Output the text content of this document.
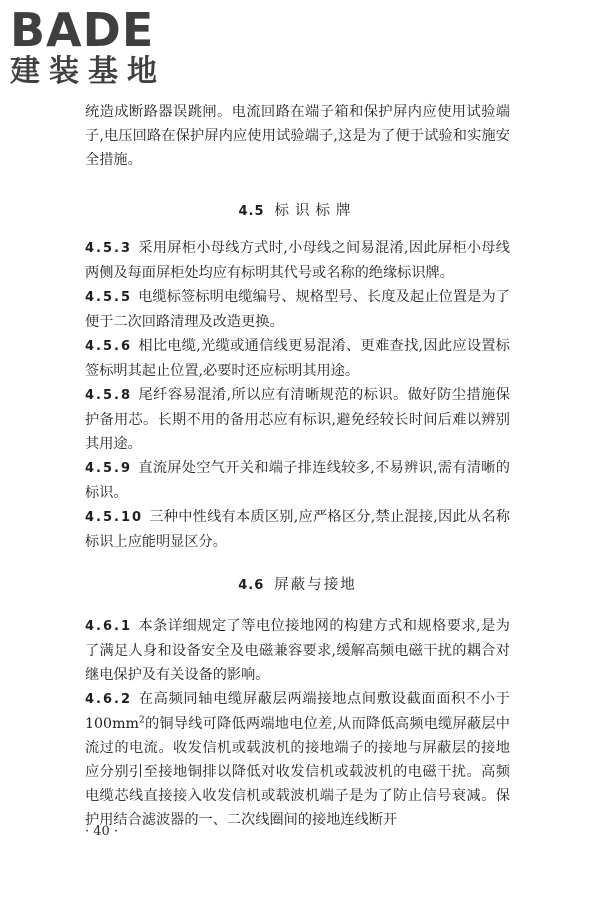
BADE
建装基地

统造成断路器误跳闸。电流回路在端子箱和保护屏内应使用试验端子,电压回路在保护屏内应使用试验端子,这是为了便于试验和实施安全措施。

4.5 标识标牌

4.5.3 采用屏柜小母线方式时,小母线之间易混淆,因此屏柜小母线两侧及每面屏柜处均应有标明其代号或名称的绝缘标识牌。

4.5.5 电缆标签标明电缆编号、规格型号、长度及起止位置是为了便于二次回路清理及改造更换。

4.5.6 相比电缆,光缆或通信线更易混淆、更难查找,因此应设置标签标明其起止位置,必要时还应标明其用途。

4.5.8 尾纤容易混淆,所以应有清晰规范的标识。做好防尘措施保护备用芯。长期不用的备用芯应有标识,避免经较长时间后难以辨别其用途。

4.5.9 直流屏处空气开关和端子排连线较多,不易辨识,需有清晰的标识。

4.5.10 三种中性线有本质区别,应严格区分,禁止混接,因此从名称标识上应能明显区分。

4.6 屏蔽与接地

4.6.1 本条详细规定了等电位接地网的构建方式和规格要求,是为了满足人身和设备安全及电磁兼容要求,缓解高频电磁干扰的耦合对继电保护及有关设备的影响。

4.6.2 在高频同轴电缆屏蔽层两端接地点间敷设截面面积不小于$100mm^2$的铜导线可降低两端地电位差,从而降低高频电缆屏蔽层中流过的电流。收发信机或载波机的接地端子的接地与屏蔽层的接地应分别引至接地铜排以降低对收发信机或载波机的电磁干扰。高频电缆芯线直接接入收发信机或载波机端子是为了防止信号衰减。保护用结合滤波器的一、二次线圈间的接地连线断开

· 40 ·
